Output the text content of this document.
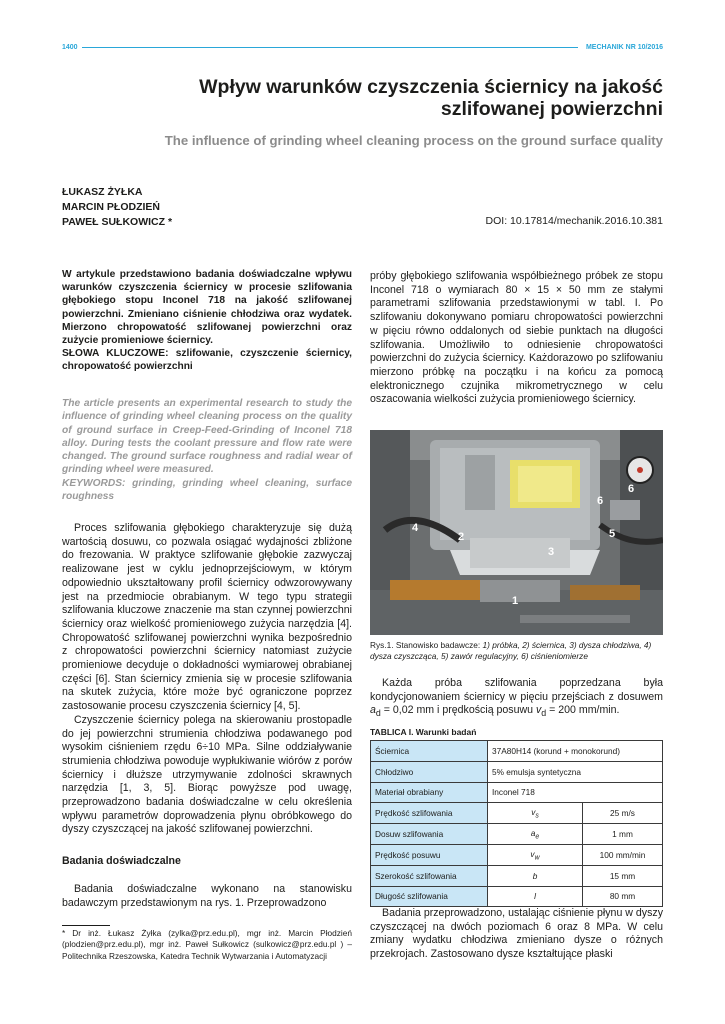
1400	MECHANIK NR 10/2016
Wpływ warunków czyszczenia ściernicy na jakość szlifowanej powierzchni
The influence of grinding wheel cleaning process on the ground surface quality
ŁUKASZ ŻYŁKA
MARCIN PŁODZIEŃ
PAWEŁ SUŁKOWICZ *	DOI: 10.17814/mechanik.2016.10.381

W artykule przedstawiono badania doświadczalne wpływu warunków czyszczenia ściernicy w procesie szlifowania głębokiego stopu Inconel 718 na jakość szlifowanej powierzchni. Zmieniano ciśnienie chłodziwa oraz wydatek. Mierzono chropowatość szlifowanej powierzchni oraz zużycie promieniowe ściernicy.

SŁOWA KLUCZOWE: szlifowanie, czyszczenie ściernicy, chropowatość powierzchni

The article presents an experimental research to study the influence of grinding wheel cleaning process on the quality of ground surface in Creep-Feed-Grinding of Inconel 718 alloy. During tests the coolant pressure and flow rate were changed. The ground surface roughness and radial wear of grinding wheel were measured.

KEYWORDS: grinding, grinding wheel cleaning, surface roughness

Proces szlifowania głębokiego charakteryzuje się dużą wartością dosuwu, co pozwala osiągać wydajności zbliżone do frezowania. W praktyce szlifowanie głębokie zazwyczaj realizowane jest w cyklu jednoprzejściowym, w którym odpowiednio ukształtowany profil ściernicy odwzorowywany jest na przedmiocie obrabianym. W tego typu strategii szlifowania kluczowe znaczenie ma stan czynnej powierzchni ściernicy oraz wielkość promieniowego zużycia narzędzia [4]. Chropowatość szlifowanej powierzchni wynika bezpośrednio z chropowatości powierzchni ściernicy natomiast zużycie promieniowe decyduje o dokładności wymiarowej obrabianej części [6]. Stan ściernicy zmienia się w procesie szlifowania na skutek zużycia, które może być ograniczone poprzez zastosowanie procesu czyszczenia ściernicy [4, 5].

Czyszczenie ściernicy polega na skierowaniu prostopadle do jej powierzchni strumienia chłodziwa podawanego pod wysokim ciśnieniem rzędu 6÷10 MPa. Silne oddziaływanie strumienia chłodziwa powoduje wypłukiwanie wiórów z porów ściernicy i dłuższe utrzymywanie zdolności skrawnych narzędzia [1, 3, 5]. Biorąc powyższe pod uwagę, przeprowadzono badania doświadczalne w celu określenia wpływu parametrów doprowadzenia płynu obróbkowego do dyszy czyszczącej na jakość szlifowanej powierzchni.

Badania doświadczalne

Badania doświadczalne wykonano na stanowisku badawczym przedstawionym na rys. 1. Przeprowadzono

* Dr inż. Łukasz Żyłka (zylka@prz.edu.pl), mgr inż. Marcin Płodzień (plodzien@prz.edu.pl), mgr inż. Paweł Sułkowicz (sulkowicz@prz.edu.pl ) – Politechnika Rzeszowska, Katedra Technik Wytwarzania i Automatyzacji

próby głębokiego szlifowania współbieżnego próbek ze stopu Inconel 718 o wymiarach 80 × 15 × 50 mm ze stałymi parametrami szlifowania przedstawionymi w tabl. I. Po szlifowaniu dokonywano pomiaru chropowatości powierzchni w pięciu równo oddalonych od siebie punktach na długości szlifowania. Umożliwiło to odniesienie chropowatości powierzchni do zużycia ściernicy. Każdorazowo po szlifowaniu mierzono próbkę na początku i na końcu za pomocą elektronicznego czujnika mikrometrycznego w celu oszacowania wielkości zużycia promieniowego ściernicy.

1
2
3
4	5
6
6
Rys.1. Stanowisko badawcze: 1) próbka, 2) ściernica, 3) dysza chłodziwa, 4) dysza czyszcząca, 5) zawór regulacyjny, 6) ciśnieniomierze

Każda próba szlifowania poprzedzana była kondycjonowaniem ściernicy w pięciu przejściach z dosuwem $a_d = 0,02$ mm i prędkością posuwu $v_d = 200$ mm/min.

TABLICA I. Warunki badań
Ściernica	37A80H14 (korund + monokorund)	
Chłodziwo	5% emulsja syntetyczna	
Materiał obrabiany	Inconel 718	
Prędkość szlifowania	$v_s$	25 m/s
Dosuw szlifowania	$a_e$	1 mm
Prędkość posuwu	$v_w$	100 mm/min
Szerokość szlifowania	b	15 mm
Długość szlifowania	l	80 mm

Badania przeprowadzono, ustalając ciśnienie płynu w dyszy czyszczącej na dwóch poziomach 6 oraz 8 MPa. W celu zmiany wydatku chłodziwa zmieniano dysze o różnych przekrojach. Zastosowano dysze kształtujące płaski
